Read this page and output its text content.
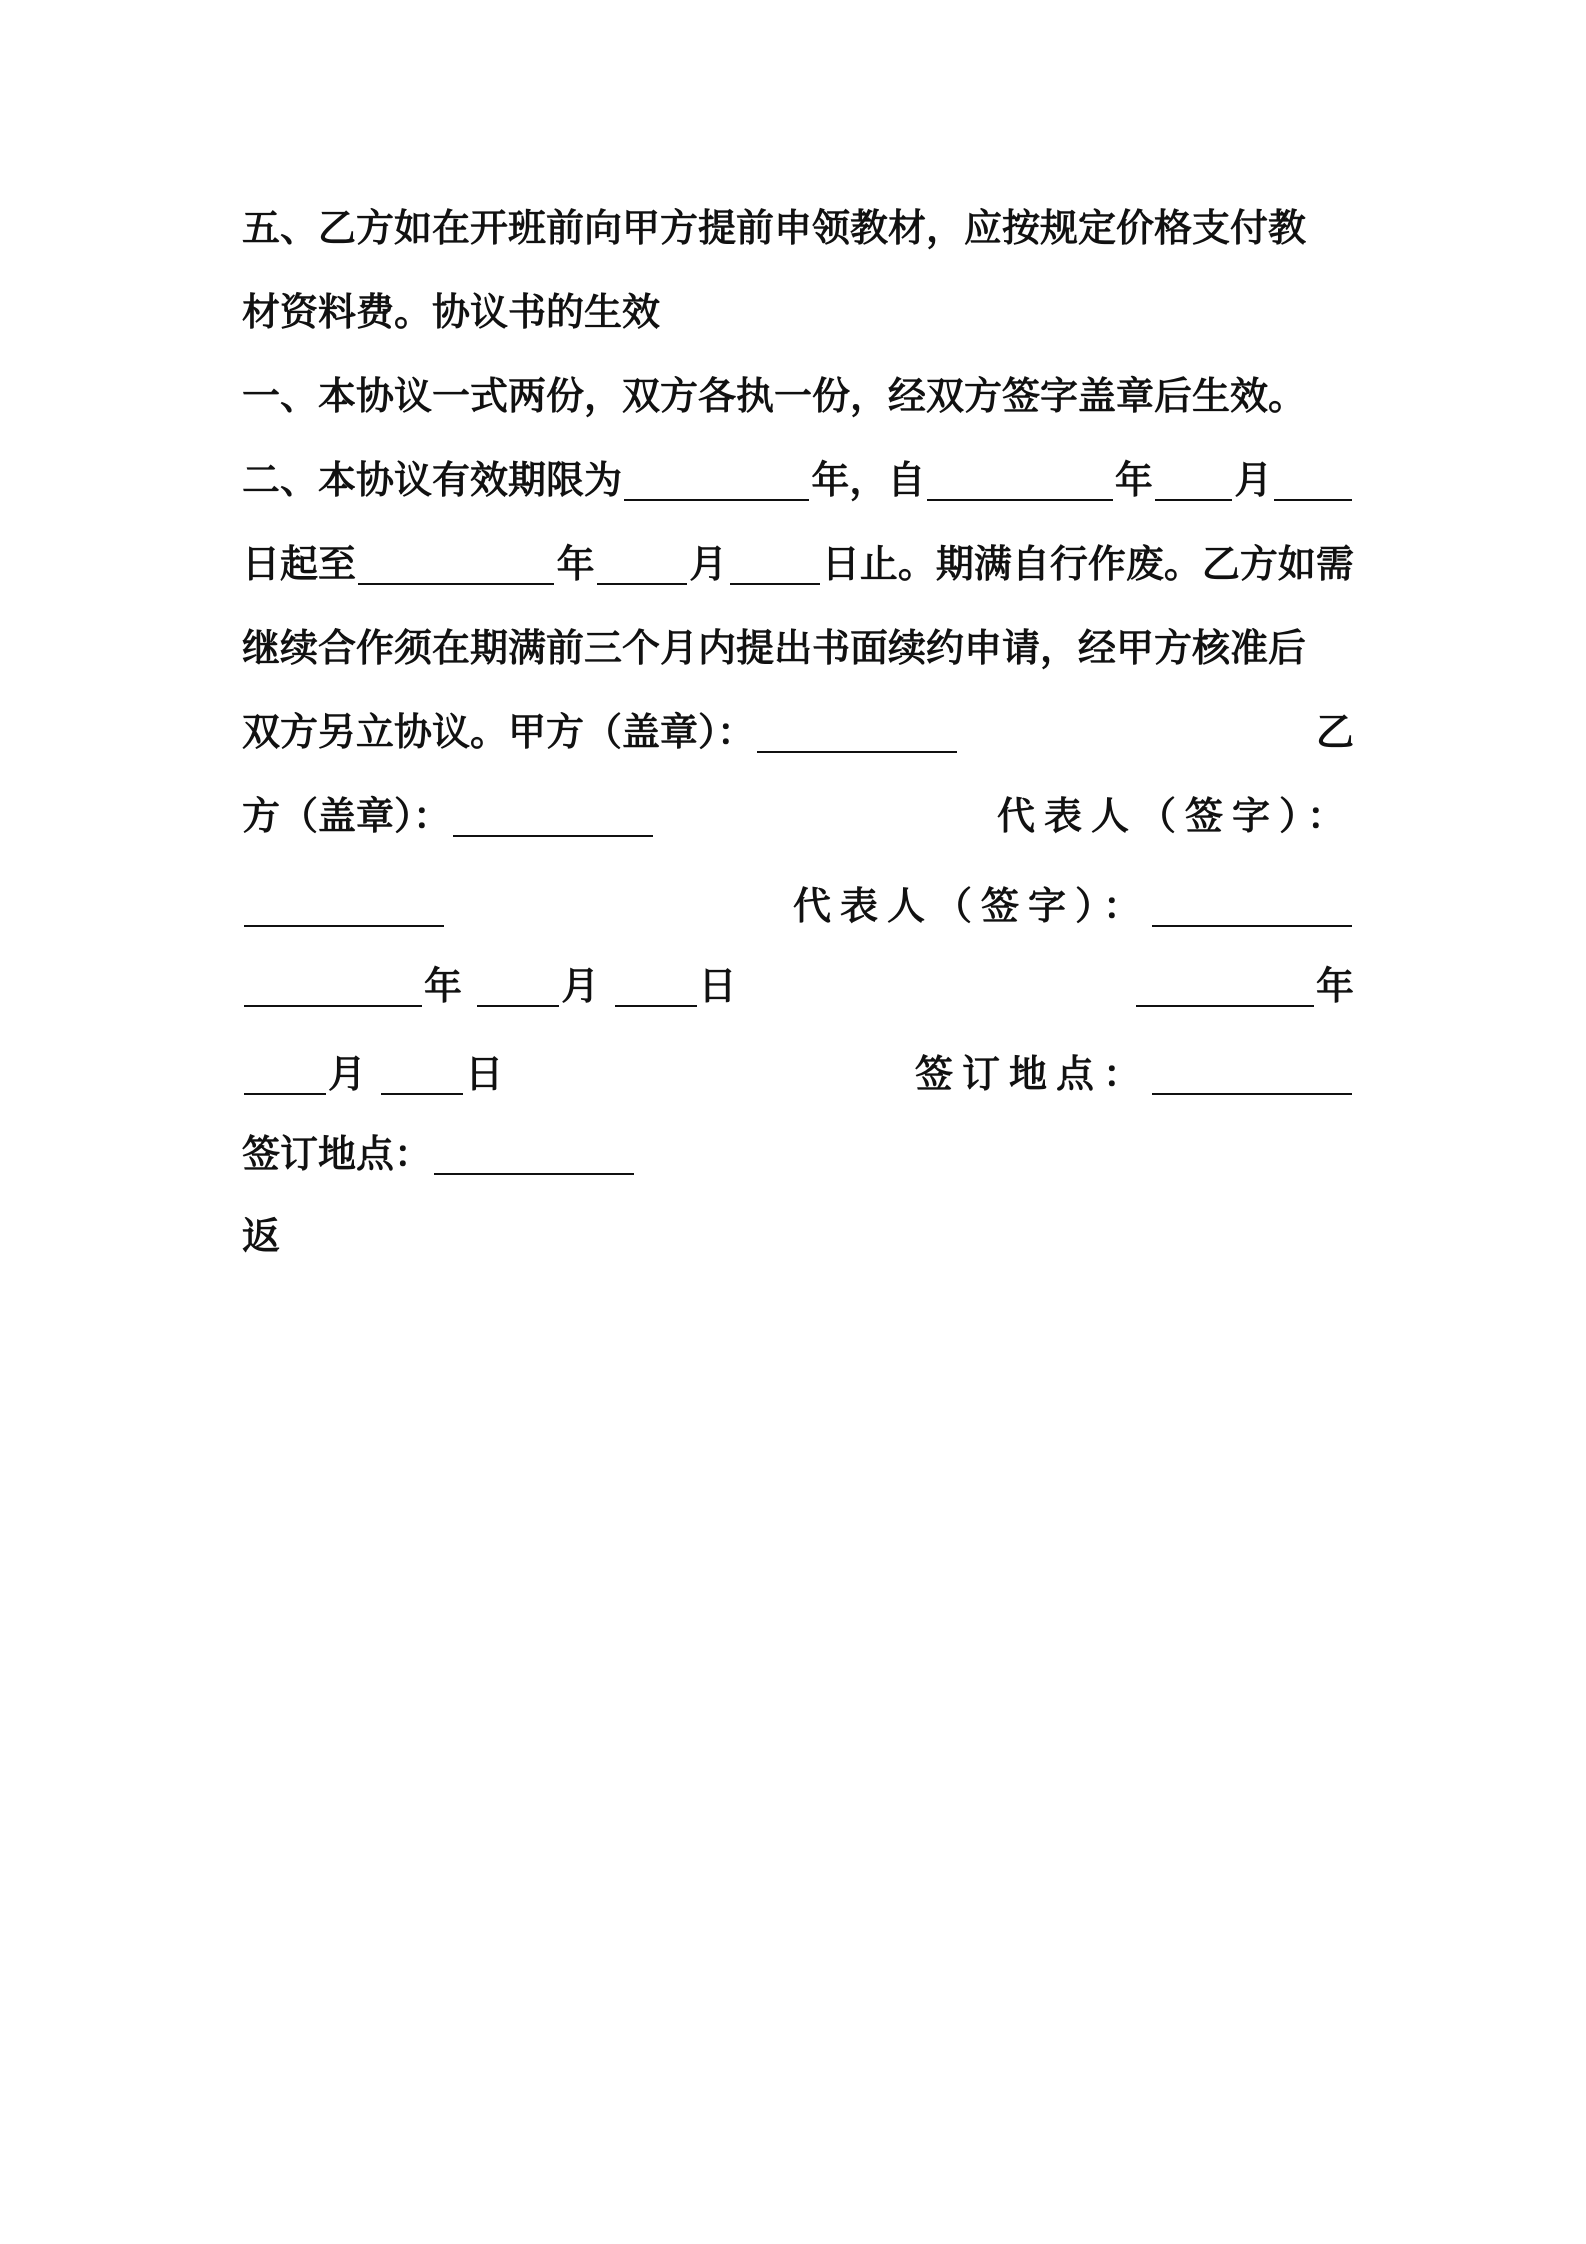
五、乙方如在开班前向甲方提前申领教材，应按规定价格支付教
材资料费。协议书的生效
一、本协议一式两份，双方各执一份，经双方签字盖章后生效。
二、本协议有效期限为	年，自	年 月
日起至	年 月 日止。期满自行作废。乙方如需
继续合作须在期满前三个月内提出书面续约申请，经甲方核准后
双方另立协议。甲方（盖章）：	乙
方（盖章）：	代表人（签字）：
代表人（签字）：
年	月	日	年
月	日	签订地点：
签订地点：
返
